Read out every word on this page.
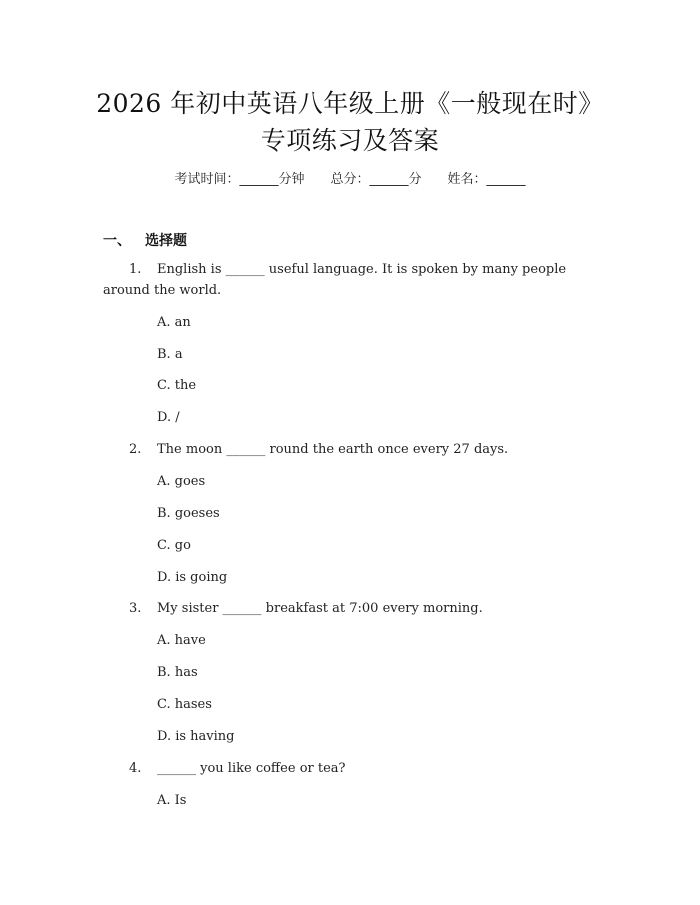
2026 年初中英语八年级上册《一般现在时》
专项练习及答案
考试时间：______分钟 总分：______分 姓名：______
一、 选择题
1. English is ______ useful language. It is spoken by many people
around the world.
A. an
B. a
C. the
D. /
2. The moon ______ round the earth once every 27 days.
A. goes
B. goeses
C. go
D. is going
3. My sister ______ breakfast at 7:00 every morning.
A. have
B. has
C. hases
D. is having
4. ______ you like coffee or tea?
A. Is
